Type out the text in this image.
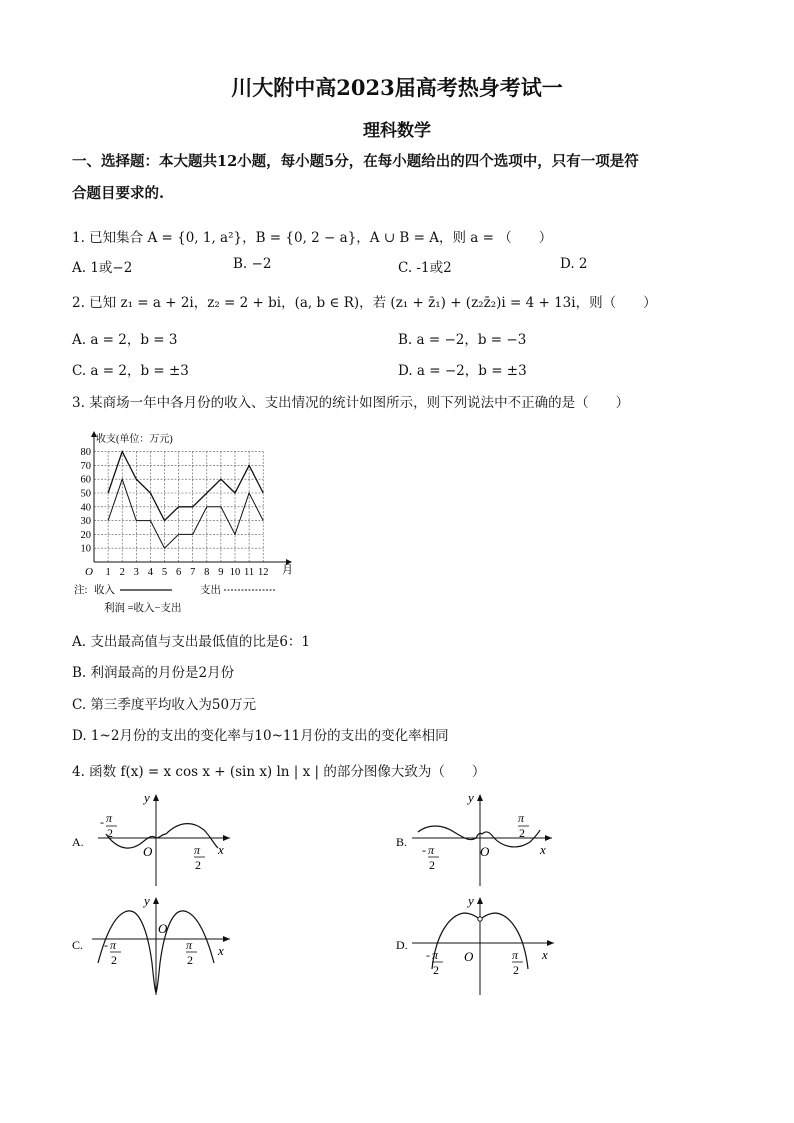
川大附中高2023届高考热身考试一
理科数学
一、选择题：本大题共12小题，每小题5分，在每小题给出的四个选项中，只有一项是符
合题目要求的.
1. 已知集合 A = {0, 1, a²}，B = {0, 2 − a}，A ∪ B = A，则 a = （　　）
A. 1或−2	B. −2	C. -1或2	D. 2
2. 已知 z₁ = a + 2i，z₂ = 2 + bi，(a, b ∈ R)，若 (z₁ + z̄₁) + (z₂z̄₂)i = 4 + 13i，则（　　）
A. a = 2，b = 3	B. a = −2，b = −3
C. a = 2，b = ±3	D. a = −2，b = ±3
3. 某商场一年中各月份的收入、支出情况的统计如图所示，则下列说法中不正确的是（　　）
1 2 3 4 5 6 7 8 9 10 11 12
10
20
30
40
50
60
70
80
收支(单位：万元)
月
O
注: 收入	支出
利润 =收入−支出
A. 支出最高值与支出最低值的比是6：1
B. 利润最高的月份是2月份
C. 第三季度平均收入为50万元
D. 1~2月份的支出的变化率与10~11月份的支出的变化率相同
4. 函数 f(x) = x cos x + (sin x) ln | x | 的部分图像大致为（　　）
A.	x
y
O
- π
2
π
2
B.	x
y
O
- π
2
π
2
C.	x
y
O
- π
2
π
2
D.
x
y
O
- π
2
π
2
